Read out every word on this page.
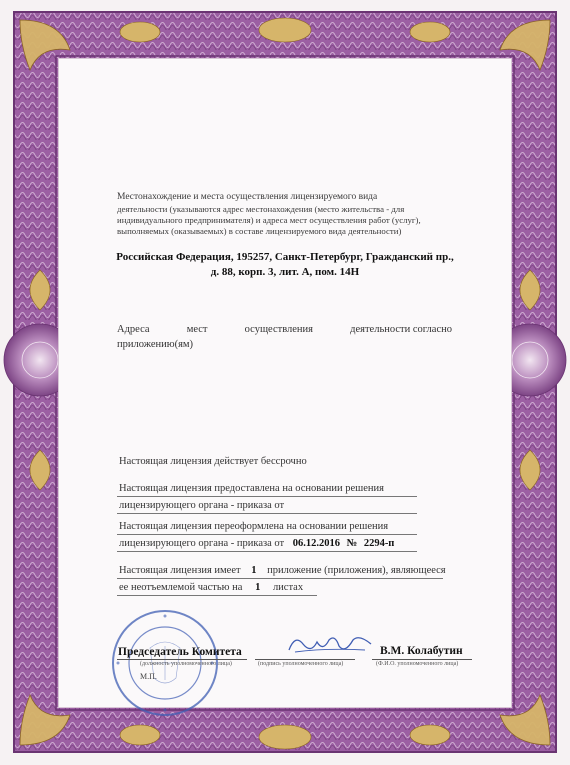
Местонахождение и места осуществления лицензируемого вида
деятельности (указываются адрес местонахождения (место жительства - для
индивидуального предпринимателя) и адреса мест осуществления работ (услуг),
выполняемых (оказываемых) в составе лицензируемого вида деятельности)
Российская Федерация, 195257, Санкт-Петербург, Гражданский пр.,
д. 88, корп. 3, лит. А, пом. 14Н
Адреса	мест	осуществления	деятельности согласно
приложению(ям)
Настоящая лицензия действует бессрочно
Настоящая лицензия предоставлена на основании решения
лицензирующего органа - приказа от
Настоящая лицензия переоформлена на основании решения
лицензирующего органа - приказа от 06.12.2016 № 2294-п
Настоящая лицензия имеет 1 приложение (приложения), являющееся
ее неотъемлемой частью на 1 листах
Председатель Комитета
(должность уполномоченного лица)	(подпись уполномоченного лица)
В.М. Колабутин
(Ф.И.О. уполномоченного лица)
М.П.
